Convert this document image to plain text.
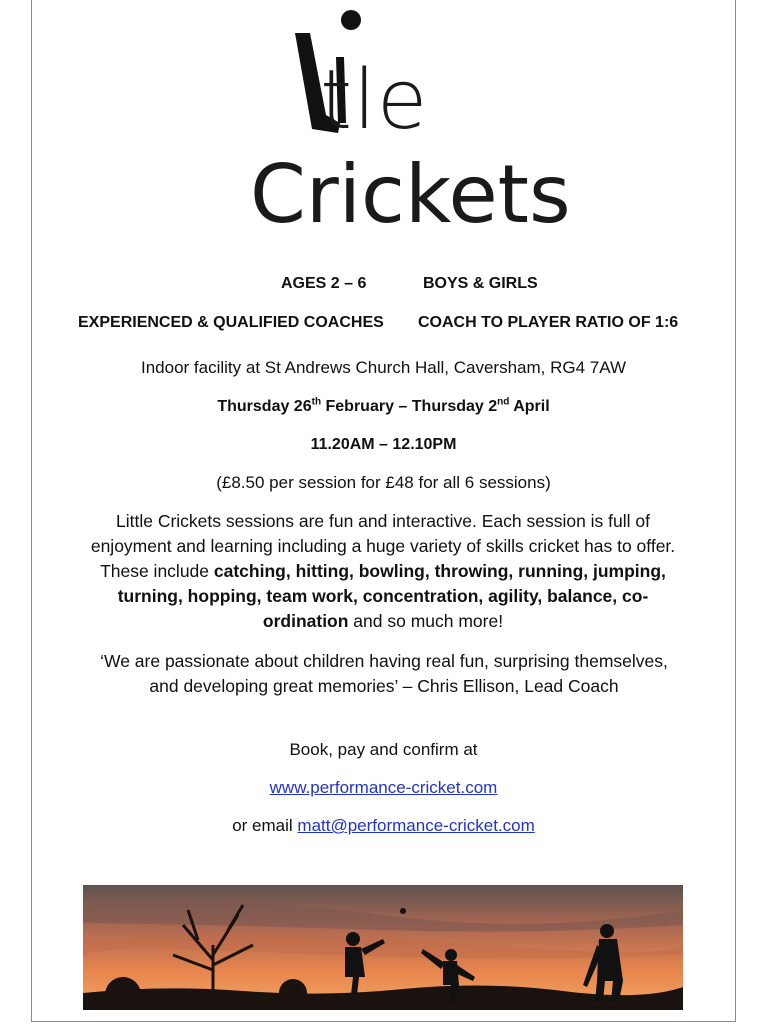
tle
Crickets
AGES 2 – 6	BOYS & GIRLS
EXPERIENCED & QUALIFIED COACHES COACH TO PLAYER RATIO OF 1:6
Indoor facility at St Andrews Church Hall, Caversham, RG4 7AW
Thursday 26th February – Thursday 2nd April
11.20AM – 12.10PM
(£8.50 per session for £48 for all 6 sessions)
Little Crickets sessions are fun and interactive. Each session is full of enjoyment and learning including a huge variety of skills cricket has to offer. These include catching, hitting, bowling, throwing, running, jumping, turning, hopping, team work, concentration, agility, balance, co-ordination and so much more!
‘We are passionate about children having real fun, surprising themselves, and developing great memories’ – Chris Ellison, Lead Coach
Book, pay and confirm at
www.performance-cricket.com
or email matt@performance-cricket.com
